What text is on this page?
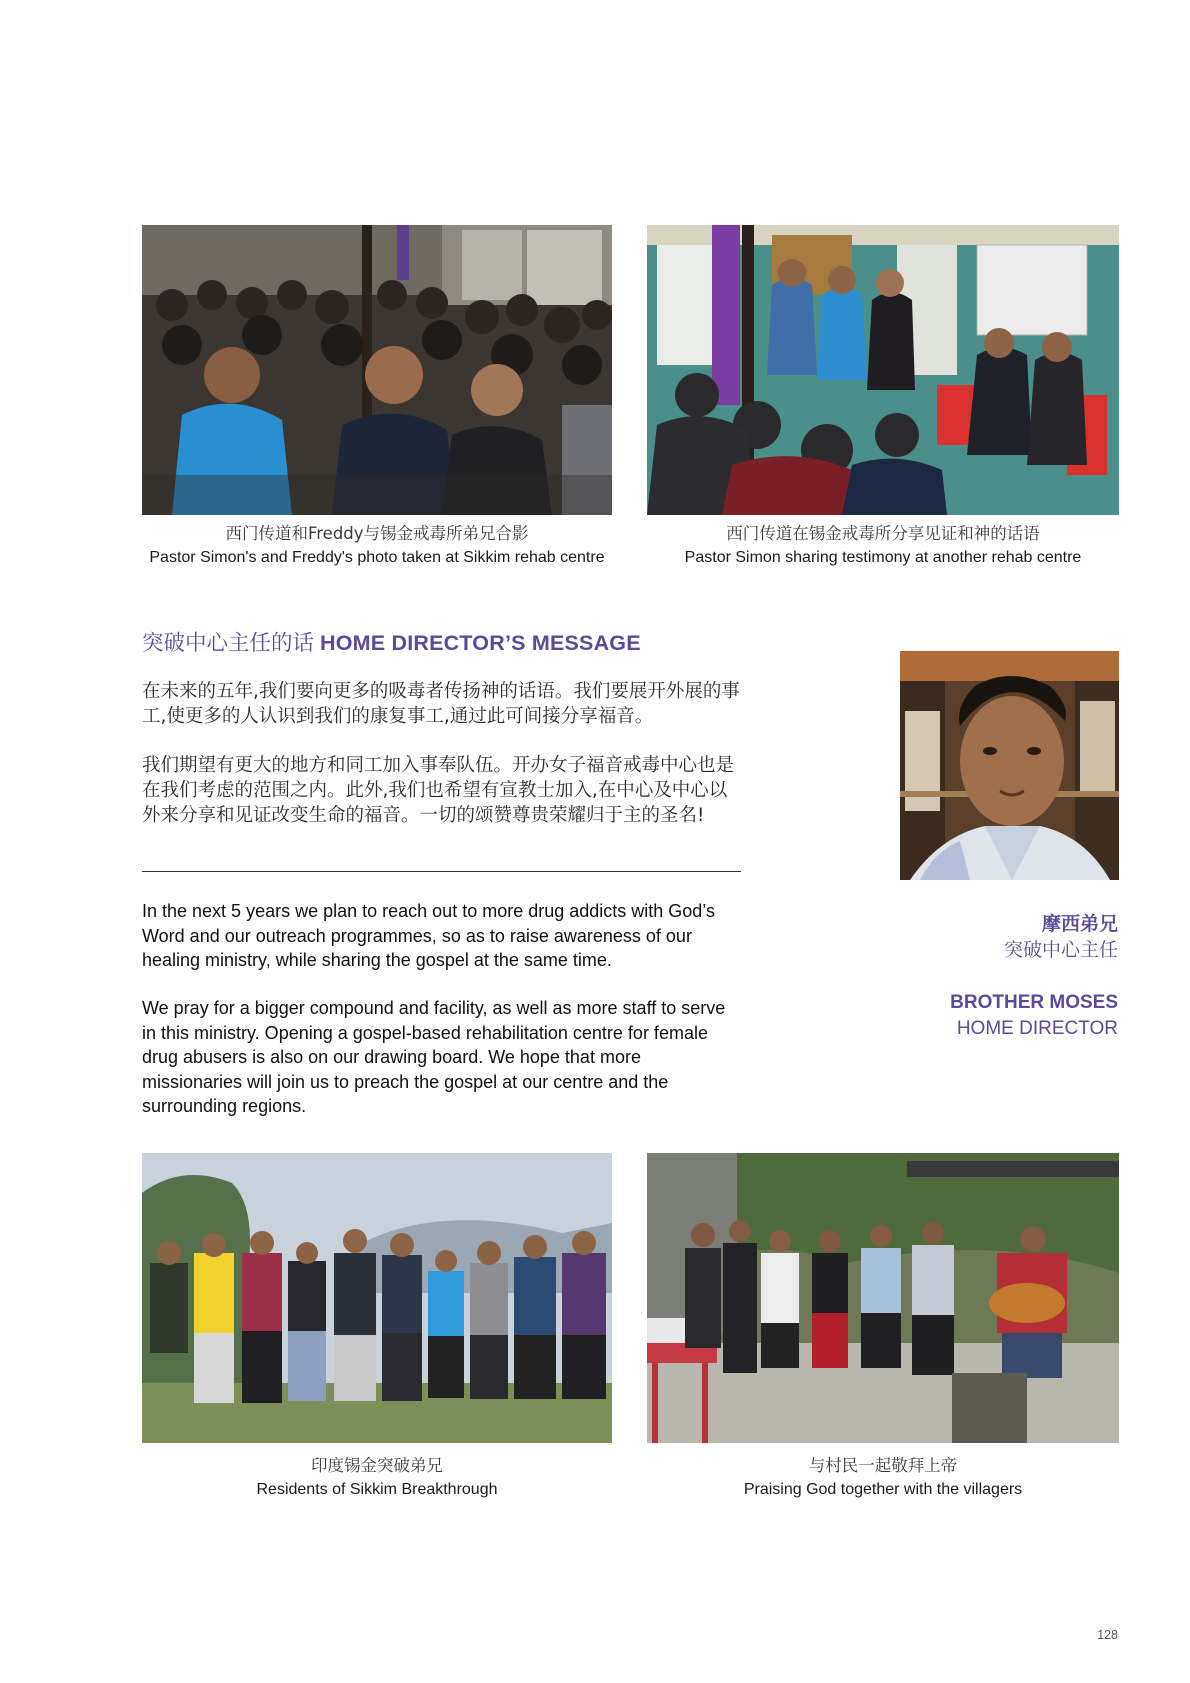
西门传道和Freddy与锡金戒毒所弟兄合影
Pastor Simon's and Freddy's photo taken at Sikkim rehab centre
西门传道在锡金戒毒所分享见证和神的话语
Pastor Simon sharing testimony at another rehab centre
突破中心主任的话 HOME DIRECTOR’S MESSAGE

在未来的五年,我们要向更多的吸毒者传扬神的话语。我们要展开外展的事工,使更多的人认识到我们的康复事工,通过此可间接分享福音。

我们期望有更大的地方和同工加入事奉队伍。开办女子福音戒毒中心也是在我们考虑的范围之内。此外,我们也希望有宣教士加入,在中心及中心以外来分享和见证改变生命的福音。一切的颂赞尊贵荣耀归于主的圣名!

In the next 5 years we plan to reach out to more drug addicts with God’s Word and our outreach programmes, so as to raise awareness of our healing ministry, while sharing the gospel at the same time.

We pray for a bigger compound and facility, as well as more staff to serve in this ministry. Opening a gospel-based rehabilitation centre for female drug abusers is also on our drawing board. We hope that more missionaries will join us to preach the gospel at our centre and the surrounding regions.

摩西弟兄
突破中心主任
BROTHER MOSES
HOME DIRECTOR
印度锡金突破弟兄
Residents of Sikkim Breakthrough
与村民一起敬拜上帝
Praising God together with the villagers
128
